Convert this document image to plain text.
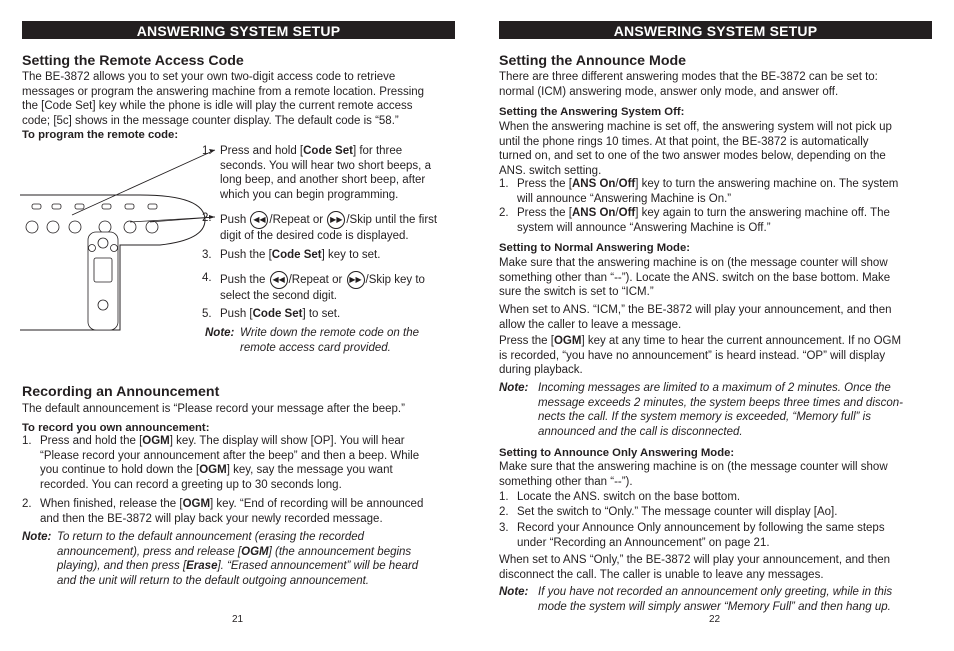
ANSWERING SYSTEM SETUP
Setting the Remote Access Code
The BE-3872 allows you to set your own two-digit access code to retrieve
messages or program the answering machine from a remote location. Pressing
the [Code Set] key while the phone is idle will play the current remote access
code; [5c] shows in the message counter display. The default code is “58.”
To program the remote code:
1. Press and hold [Code Set] for three
seconds. You will hear two short beeps, a
long beep, and another short beep, after
which you can begin programming.
2. Push ◀◀ /Repeat or ▶▶ /Skip until the first
digit of the desired code is displayed.
3. Push the [Code Set] key to set.
4. Push the ◀◀ /Repeat or ▶▶ /Skip key to
select the second digit.
5. Push [Code Set] to set.
Note: Write down the remote code on the
remote access card provided.
Recording an Announcement
The default announcement is “Please record your message after the beep.”
To record you own announcement:
1. Press and hold the [OGM] key. The display will show [OP]. You will hear
“Please record your announcement after the beep” and then a beep. While
you continue to hold down the [OGM] key, say the message you want
recorded. You can record a greeting up to 30 seconds long.
2. When finished, release the [OGM] key. “End of recording will be announced
and then the BE-3872 will play back your newly recorded message.
Note: To return to the default announcement (erasing the recorded
announcement), press and release [OGM] (the announcement begins
playing), and then press [Erase]. “Erased announcement” will be heard
and the unit will return to the default outgoing announcement.
21
ANSWERING SYSTEM SETUP
Setting the Announce Mode
There are three different answering modes that the BE-3872 can be set to:
normal (ICM) answering mode, answer only mode, and answer off.
Setting the Answering System Off:
When the answering machine is set off, the answering system will not pick up
until the phone rings 10 times. At that point, the BE-3872 is automatically
turned on, and set to one of the two answer modes below, depending on the
ANS. switch setting.
1. Press the [ANS On/Off] key to turn the answering machine on. The system
will announce “Answering Machine is On.”
2. Press the [ANS On/Off] key again to turn the answering machine off. The
system will announce “Answering Machine is Off.”
Setting to Normal Answering Mode:
Make sure that the answering machine is on (the message counter will show
something other than “--”). Locate the ANS. switch on the base bottom. Make
sure the switch is set to “ICM.”
When set to ANS. “ICM,” the BE-3872 will play your announcement, and then
allow the caller to leave a message.
Press the [OGM] key at any time to hear the current announcement. If no OGM
is recorded, “you have no announcement” is heard instead. “OP” will display
during playback.
Note: Incoming messages are limited to a maximum of 2 minutes. Once the
message exceeds 2 minutes, the system beeps three times and discon-
nects the call. If the system memory is exceeded, “Memory full” is
announced and the call is disconnected.
Setting to Announce Only Answering Mode:
Make sure that the answering machine is on (the message counter will show
something other than “--”).
1. Locate the ANS. switch on the base bottom.
2. Set the switch to “Only.” The message counter will display [Ao].
3. Record your Announce Only announcement by following the same steps
under “Recording an Announcement” on page 21.
When set to ANS “Only,” the BE-3872 will play your announcement, and then
disconnect the call. The caller is unable to leave any messages.
Note: If you have not recorded an announcement only greeting, while in this
mode the system will simply answer “Memory Full” and then hang up.
22
